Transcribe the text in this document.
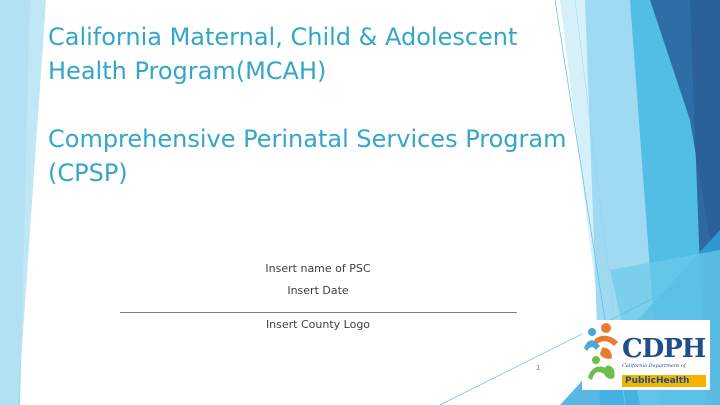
California Maternal, Child & Adolescent
Health Program(MCAH)
Comprehensive Perinatal Services Program
(CPSP)
Insert name of PSC
Insert Date
Insert County Logo
1
CDPH
California Department of
PublicHealth
